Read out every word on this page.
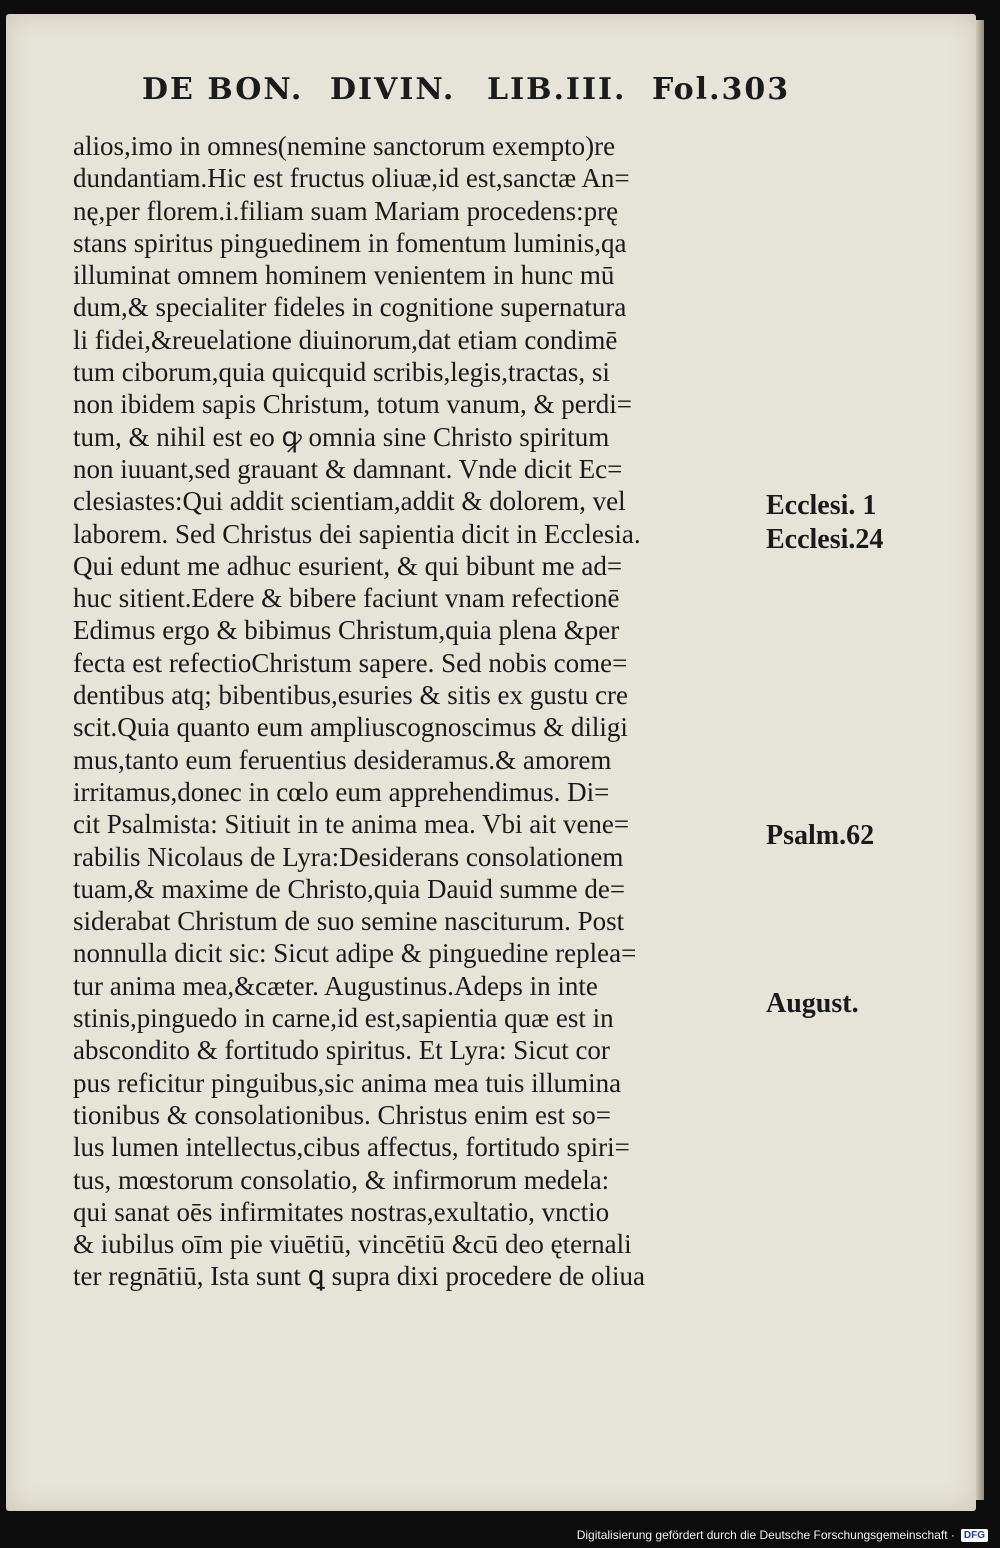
DE BON. DIVIN. LIB.III. Fol.303
alios,imo in omnes(nemine sanctorum exempto)re
dundantiam.Hic est fructus oliuæ,id est,sanctæ An=
nę,per florem.i.filiam suam Mariam procedens:prę
stans spiritus pinguedinem in fomentum luminis,qa
illuminat omnem hominem venientem in hunc mū
dum,& specialiter fideles in cognitione supernatura
li fidei,&reuelatione diuinorum,dat etiam condimē
tum ciborum,quia quicquid scribis,legis,tractas, si
non ibidem sapis Christum, totum vanum, & perdi=
tum, & nihil est eo ꝙ omnia sine Christo spiritum
non iuuant,sed grauant & damnant. Vnde dicit Ec=
clesiastes:Qui addit scientiam,addit & dolorem, vel
laborem. Sed Christus dei sapientia dicit in Ecclesia.
Qui edunt me adhuc esurient, & qui bibunt me ad=
huc sitient.Edere & bibere faciunt vnam refectionē
Edimus ergo & bibimus Christum,quia plena &per
fecta est refectioChristum sapere. Sed nobis come=
dentibus atq; bibentibus,esuries & sitis ex gustu cre
scit.Quia quanto eum ampliuscognoscimus & diligi
mus,tanto eum feruentius desideramus.& amorem
irritamus,donec in cœlo eum apprehendimus. Di=
cit Psalmista: Sitiuit in te anima mea. Vbi ait vene=
rabilis Nicolaus de Lyra:Desiderans consolationem
tuam,& maxime de Christo,quia Dauid summe de=
siderabat Christum de suo semine nasciturum. Post
nonnulla dicit sic: Sicut adipe & pinguedine replea=
tur anima mea,&cæter. Augustinus.Adeps in inte
stinis,pinguedo in carne,id est,sapientia quæ est in
abscondito & fortitudo spiritus. Et Lyra: Sicut cor
pus reficitur pinguibus,sic anima mea tuis illumina
tionibus & consolationibus. Christus enim est so=
lus lumen intellectus,cibus affectus, fortitudo spiri=
tus, mœstorum consolatio, & infirmorum medela:
qui sanat oēs infirmitates nostras,exultatio, vnctio
& iubilus oīm pie viuētiū, vincētiū &cū deo ęternali
ter regnātiū, Ista sunt ꝗ supra dixi procedere de oliua
Ecclesi. 1
Ecclesi.24
Psalm.62
August.
Digitalisierung gefördert durch die Deutsche Forschungsgemeinschaft · DFG
